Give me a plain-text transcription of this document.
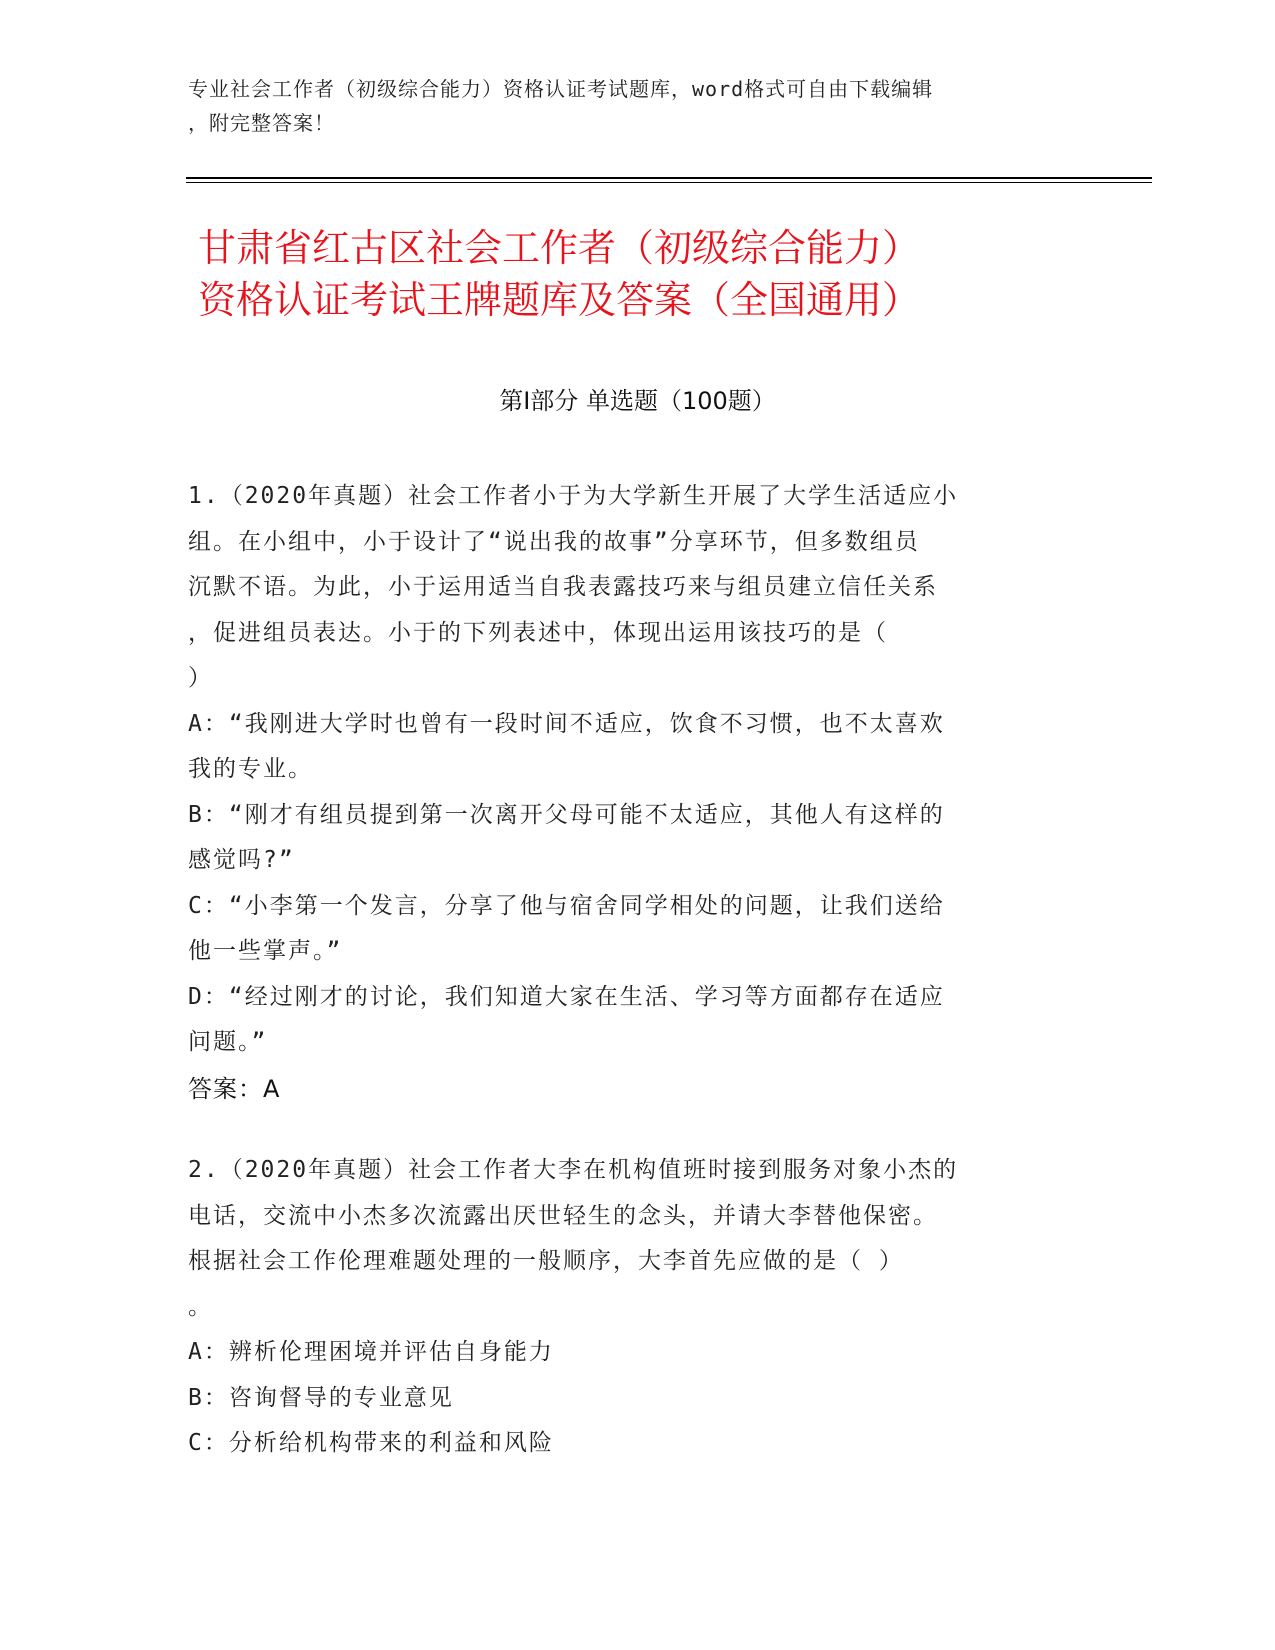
专业社会工作者（初级综合能力）资格认证考试题库，word格式可自由下载编辑
，附完整答案！
甘肃省红古区社会工作者（初级综合能力）
资格认证考试王牌题库及答案（全国通用）
第Ⅰ部分 单选题（100题）
1.（2020年真题）社会工作者小于为大学新生开展了大学生活适应小
组。在小组中，小于设计了“说出我的故事”分享环节，但多数组员
沉默不语。为此，小于运用适当自我表露技巧来与组员建立信任关系
，促进组员表达。小于的下列表述中，体现出运用该技巧的是（
）
A：“我刚进大学时也曾有一段时间不适应，饮食不习惯，也不太喜欢
我的专业。
B：“刚才有组员提到第一次离开父母可能不太适应，其他人有这样的
感觉吗?”
C：“小李第一个发言，分享了他与宿舍同学相处的问题，让我们送给
他一些掌声。”
D：“经过刚才的讨论，我们知道大家在生活、学习等方面都存在适应
问题。”
答案：A
2.（2020年真题）社会工作者大李在机构值班时接到服务对象小杰的
电话，交流中小杰多次流露出厌世轻生的念头，并请大李替他保密。
根据社会工作伦理难题处理的一般顺序，大李首先应做的是（ ）
。
A：辨析伦理困境并评估自身能力
B：咨询督导的专业意见
C：分析给机构带来的利益和风险
